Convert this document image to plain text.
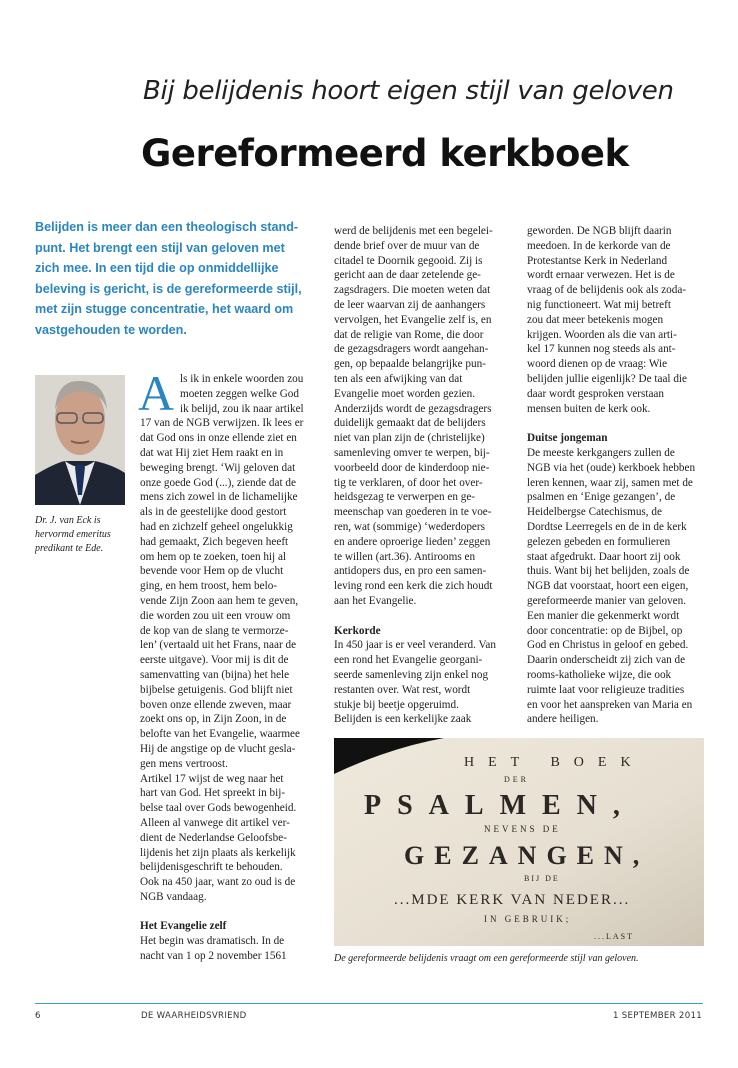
Bij belijdenis hoort eigen stijl van geloven
Gereformeerd kerkboek
Belijden is meer dan een theologisch stand-
punt. Het brengt een stijl van geloven met
zich mee. In een tijd die op onmiddellijke
beleving is gericht, is de gereformeerde stijl,
met zijn stugge concentratie, het waard om
vastgehouden te worden.
Dr. J. van Eck is
hervormd emeritus
predikant te Ede.
A ls ik in enkele woorden zou
moeten zeggen welke God
ik belijd, zou ik naar artikel
17 van de NGB verwijzen. Ik lees er
dat God ons in onze ellende ziet en
dat wat Hij ziet Hem raakt en in
beweging brengt. ‘Wij geloven dat
onze goede God (...), ziende dat de
mens zich zowel in de lichamelijke
als in de geestelijke dood gestort
had en zichzelf geheel ongelukkig
had gemaakt, Zich begeven heeft
om hem op te zoeken, toen hij al
bevende voor Hem op de vlucht
ging, en hem troost, hem belo-
vende Zijn Zoon aan hem te geven,
die worden zou uit een vrouw om
de kop van de slang te vermorze-
len’ (vertaald uit het Frans, naar de
eerste uitgave). Voor mij is dit de
samenvatting van (bijna) het hele
bijbelse getuigenis. God blijft niet
boven onze ellende zweven, maar
zoekt ons op, in Zijn Zoon, in de
belofte van het Evangelie, waarmee
Hij de angstige op de vlucht gesla-
gen mens vertroost.
Artikel 17 wijst de weg naar het
hart van God. Het spreekt in bij-
belse taal over Gods bewogenheid.
Alleen al vanwege dit artikel ver-
dient de Nederlandse Geloofsbe-
lijdenis het zijn plaats als kerkelijk
belijdenisgeschrift te behouden.
Ook na 450 jaar, want zo oud is de
NGB vandaag.
Het Evangelie zelf
Het begin was dramatisch. In de
nacht van 1 op 2 november 1561
werd de belijdenis met een begelei-
dende brief over de muur van de
citadel te Doornik gegooid. Zij is
gericht aan de daar zetelende ge-
zagsdragers. Die moeten weten dat
de leer waarvan zij de aanhangers
vervolgen, het Evangelie zelf is, en
dat de religie van Rome, die door
de gezagsdragers wordt aangehan-
gen, op bepaalde belangrijke pun-
ten als een afwijking van dat
Evangelie moet worden gezien.
Anderzijds wordt de gezagsdragers
duidelijk gemaakt dat de belijders
niet van plan zijn de (christelijke)
samenleving omver te werpen, bij-
voorbeeld door de kinderdoop nie-
tig te verklaren, of door het over-
heidsgezag te verwerpen en ge-
meenschap van goederen in te voe-
ren, wat (sommige) ‘wederdopers
en andere oproerige lieden’ zeggen
te willen (art.36). Antirooms en
antidopers dus, en pro een samen-
leving rond een kerk die zich houdt
aan het Evangelie.
Kerkorde
In 450 jaar is er veel veranderd. Van
een rond het Evangelie georgani-
seerde samenleving zijn enkel nog
restanten over. Wat rest, wordt
stukje bij beetje opgeruimd.
Belijden is een kerkelijke zaak
geworden. De NGB blijft daarin
meedoen. In de kerkorde van de
Protestantse Kerk in Nederland
wordt ernaar verwezen. Het is de
vraag of de belijdenis ook als zoda-
nig functioneert. Wat mij betreft
zou dat meer betekenis mogen
krijgen. Woorden als die van arti-
kel 17 kunnen nog steeds als ant-
woord dienen op de vraag: Wie
belijden jullie eigenlijk? De taal die
daar wordt gesproken verstaan
mensen buiten de kerk ook.
Duitse jongeman
De meeste kerkgangers zullen de
NGB via het (oude) kerkboek hebben
leren kennen, waar zij, samen met de
psalmen en ‘Enige gezangen’, de
Heidelbergse Catechismus, de
Dordtse Leerregels en de in de kerk
gelezen gebeden en formulieren
staat afgedrukt. Daar hoort zij ook
thuis. Want bij het belijden, zoals de
NGB dat voorstaat, hoort een eigen,
gereformeerde manier van geloven.
Een manier die gekenmerkt wordt
door concentratie: op de Bijbel, op
God en Christus in geloof en gebed.
Daarin onderscheidt zij zich van de
rooms-katholieke wijze, die ook
ruimte laat voor religieuze tradities
en voor het aanspreken van Maria en
andere heiligen.
HET BOEK
DER
PSALMEN,
NEVENS DE
GEZANGEN,
BIJ DE
...MDE KERK VAN NEDER...
IN GEBRUIK;
...LAST
De gereformeerde belijdenis vraagt om een gereformeerde stijl van geloven.
6	DE WAARHEIDSVRIEND	1 SEPTEMBER 2011
